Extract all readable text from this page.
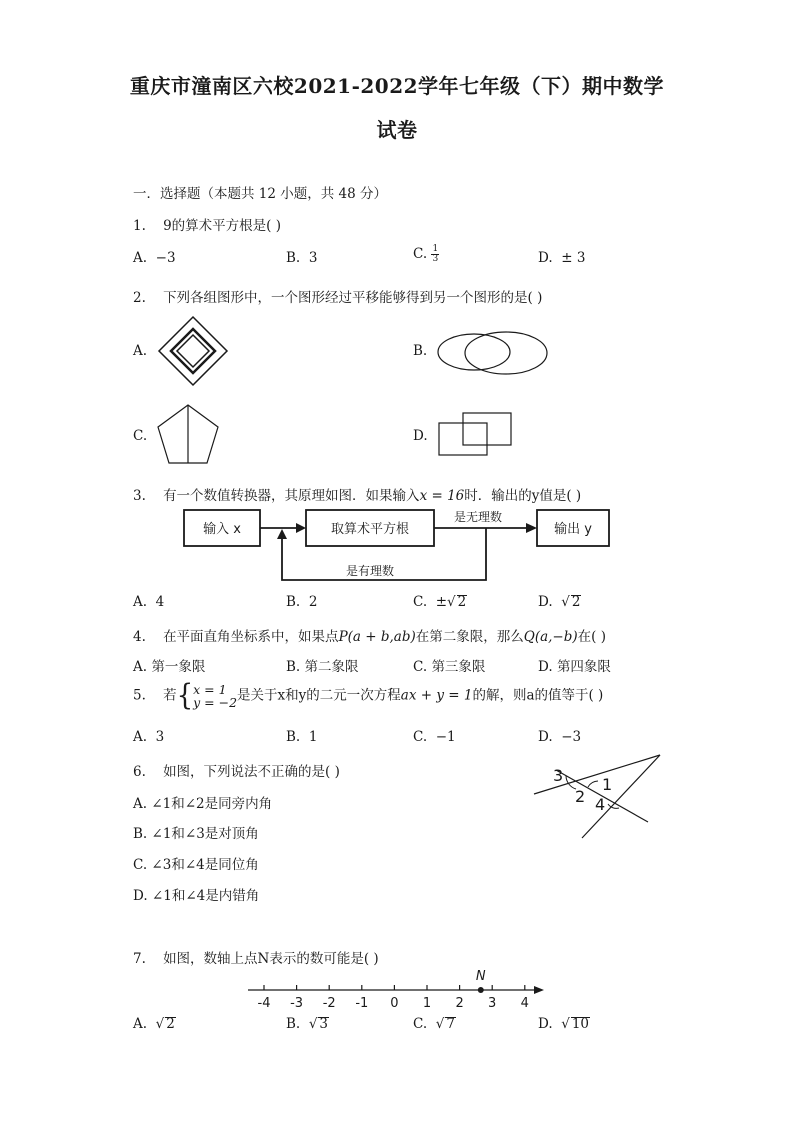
重庆市潼南区六校2021-2022学年七年级（下）期中数学
试卷
一．选择题（本题共 12 小题，共 48 分）
1. 9的算术平方根是( )
A. −3	B. 3	C. $\frac{1}{3}$	D. ± 3
2. 下列各组图形中，一个图形经过平移能够得到另一个图形的是( )
A.	B.
C.	D.
3. 有一个数值转换器，其原理如图．如果输入x = 16时．输出的y值是( )
输入 x	取算术平方根
是无理数
输出 y
是有理数
A. 4	B. 2	C. ±√ 2	D. √ 2
4. 在平面直角坐标系中，如果点P(a + b,ab)在第二象限，那么Q(a,−b)在( )
A. 第一象限	B. 第二象限	C. 第三象限	D. 第四象限
5. 若{ x = 1
y = −2 是关于x和y的二元一次方程ax + y = 1的解，则a的值等于( )
A. 3	B. 1	C. −1	D. −3
6. 如图，下列说法不正确的是( )
A. ∠1和∠2是同旁内角
B. ∠1和∠3是对顶角
C. ∠3和∠4是同位角
D. ∠1和∠4是内错角
3 1
2 4
7. 如图，数轴上点N表示的数可能是( )
-4 -3 -2 -1 0 1 2 3 4
N
A. √ 2	B. √ 3	C. √ 7	D. √ 10
